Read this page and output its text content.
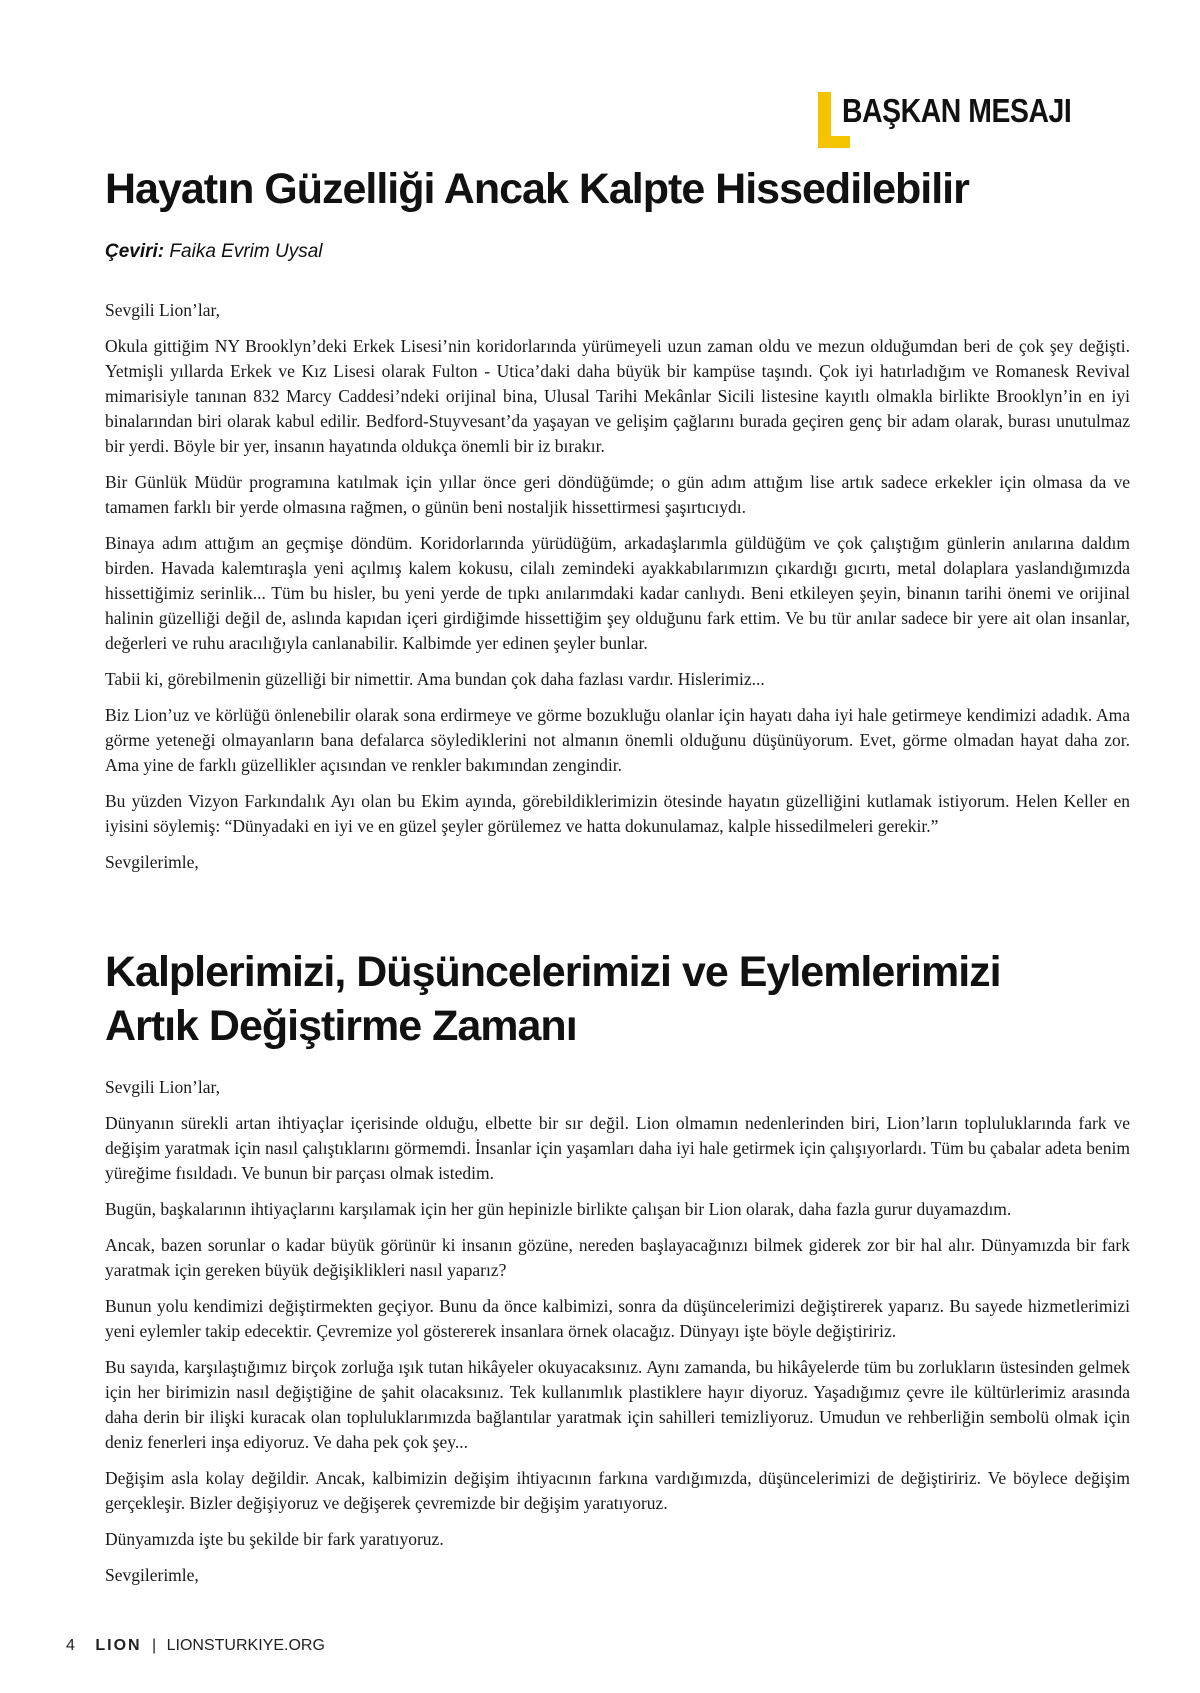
BAŞKAN MESAJI
Hayatın Güzelliği Ancak Kalpte Hissedilebilir

Çeviri: Faika Evrim Uysal

Sevgili Lion’lar,

Okula gittiğim NY Brooklyn’deki Erkek Lisesi’nin koridorlarında yürümeyeli uzun zaman oldu ve mezun olduğumdan beri de çok şey değişti. Yetmişli yıllarda Erkek ve Kız Lisesi olarak Fulton - Utica’daki daha büyük bir kampüse taşındı. Çok iyi hatırladığım ve Romanesk Revival mimarisiyle tanınan 832 Marcy Caddesi’ndeki orijinal bina, Ulusal Tarihi Mekânlar Sicili listesine kayıtlı olmakla birlikte Brooklyn’in en iyi binalarından biri olarak kabul edilir. Bedford-Stuyvesant’da yaşayan ve gelişim çağlarını burada geçiren genç bir adam olarak, burası unutulmaz bir yerdi. Böyle bir yer, insanın hayatında oldukça önemli bir iz bırakır.

Bir Günlük Müdür programına katılmak için yıllar önce geri döndüğümde; o gün adım attığım lise artık sadece erkekler için olmasa da ve tamamen farklı bir yerde olmasına rağmen, o günün beni nostaljik hissettirmesi şaşırtıcıydı.

Binaya adım attığım an geçmişe döndüm. Koridorlarında yürüdüğüm, arkadaşlarımla güldüğüm ve çok çalıştığım günlerin anılarına daldım birden. Havada kalemtıraşla yeni açılmış kalem kokusu, cilalı zemindeki ayakkabılarımızın çıkardığı gıcırtı, metal dolaplara yaslandığımızda hissettiğimiz serinlik... Tüm bu hisler, bu yeni yerde de tıpkı anılarımdaki kadar canlıydı. Beni etkileyen şeyin, binanın tarihi önemi ve orijinal halinin güzelliği değil de, aslında kapıdan içeri girdiğimde hissettiğim şey olduğunu fark ettim. Ve bu tür anılar sadece bir yere ait olan insanlar, değerleri ve ruhu aracılığıyla canlanabilir. Kalbimde yer edinen şeyler bunlar.

Tabii ki, görebilmenin güzelliği bir nimettir. Ama bundan çok daha fazlası vardır. Hislerimiz...

Biz Lion’uz ve körlüğü önlenebilir olarak sona erdirmeye ve görme bozukluğu olanlar için hayatı daha iyi hale getirmeye kendimizi adadık. Ama görme yeteneği olmayanların bana defalarca söylediklerini not almanın önemli olduğunu düşünüyorum. Evet, görme olmadan hayat daha zor. Ama yine de farklı güzellikler açısından ve renkler bakımından zengindir.

Bu yüzden Vizyon Farkındalık Ayı olan bu Ekim ayında, görebildiklerimizin ötesinde hayatın güzelliğini kutlamak istiyorum. Helen Keller en iyisini söylemiş: “Dünyadaki en iyi ve en güzel şeyler görülemez ve hatta dokunulamaz, kalple hissedilmeleri gerekir.”

Sevgilerimle,

Kalplerimizi, Düşüncelerimizi ve Eylemlerimizi
Artık Değiştirme Zamanı

Sevgili Lion’lar,

Dünyanın sürekli artan ihtiyaçlar içerisinde olduğu, elbette bir sır değil. Lion olmamın nedenlerinden biri, Lion’ların topluluklarında fark ve değişim yaratmak için nasıl çalıştıklarını görmemdi. İnsanlar için yaşamları daha iyi hale getirmek için çalışıyorlardı. Tüm bu çabalar adeta benim yüreğime fısıldadı. Ve bunun bir parçası olmak istedim.

Bugün, başkalarının ihtiyaçlarını karşılamak için her gün hepinizle birlikte çalışan bir Lion olarak, daha fazla gurur duyamazdım.

Ancak, bazen sorunlar o kadar büyük görünür ki insanın gözüne, nereden başlayacağınızı bilmek giderek zor bir hal alır. Dünyamızda bir fark yaratmak için gereken büyük değişiklikleri nasıl yaparız?

Bunun yolu kendimizi değiştirmekten geçiyor. Bunu da önce kalbimizi, sonra da düşüncelerimizi değiştirerek yaparız. Bu sayede hizmetlerimizi yeni eylemler takip edecektir. Çevremize yol göstererek insanlara örnek olacağız. Dünyayı işte böyle değiştiririz.

Bu sayıda, karşılaştığımız birçok zorluğa ışık tutan hikâyeler okuyacaksınız. Aynı zamanda, bu hikâyelerde tüm bu zorlukların üstesinden gelmek için her birimizin nasıl değiştiğine de şahit olacaksınız. Tek kullanımlık plastiklere hayır diyoruz. Yaşadığımız çevre ile kültürlerimiz arasında daha derin bir ilişki kuracak olan topluluklarımızda bağlantılar yaratmak için sahilleri temizliyoruz. Umudun ve rehberliğin sembolü olmak için deniz fenerleri inşa ediyoruz. Ve daha pek çok şey...

Değişim asla kolay değildir. Ancak, kalbimizin değişim ihtiyacının farkına vardığımızda, düşüncelerimizi de değiştiririz. Ve böylece değişim gerçekleşir. Bizler değişiyoruz ve değişerek çevremizde bir değişim yaratıyoruz.

Dünyamızda işte bu şekilde bir fark yaratıyoruz.

Sevgilerimle,

4 LION | LIONSTURKIYE.ORG
